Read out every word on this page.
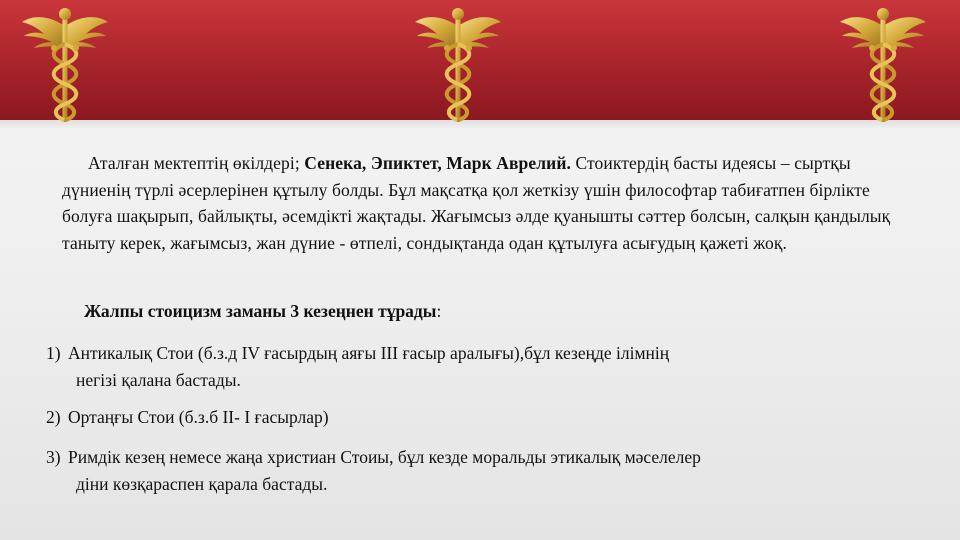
Аталған мектептің өкілдері; Сенека, Эпиктет, Марк Аврелий. Стоиктердің басты идеясы – сыртқы дүниенің түрлі әсерлерінен құтылу болды. Бұл мақсатқа қол жеткізу үшін философтар табиғатпен бірлікте болуға шақырып, байлықты, әсемдікті жақтады. Жағымсыз әлде қуанышты сәттер болсын, салқын қандылық таныту керек, жағымсыз, жан дүние - өтпелі, сондықтанда одан құтылуға асығудың қажеті жоқ.
Жалпы стоицизм заманы 3 кезеңнен тұрады:
1) Антикалық Стои (б.з.д IV ғасырдың аяғы III ғасыр аралығы),бұл кезеңде ілімнің
негізі қалана бастады.
2) Ортаңғы Стои (б.з.б II- I ғасырлар)
3) Римдік кезең немесе жаңа христиан Стоиы, бұл кезде моральды этикалық мәселелер
діни көзқараспен қарала бастады.
